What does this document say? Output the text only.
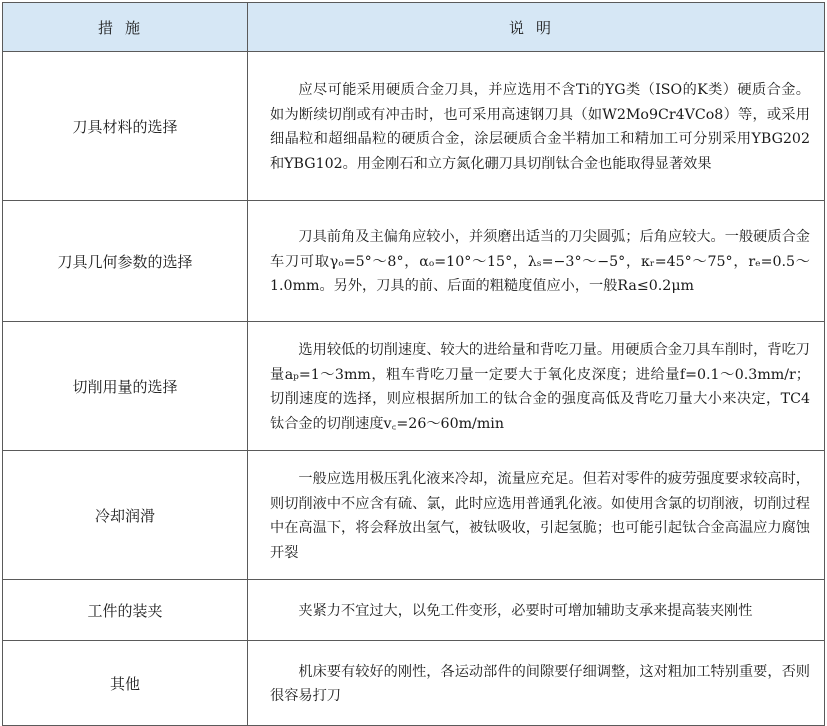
措施	说明
刀具材料的选择	应尽可能采用硬质合金刀具，并应选用不含Ti的YG类（ISO的K类）硬质合金。如为断续切削或有冲击时，也可采用高速钢刀具（如W2Mo9Cr4VCo8）等，或采用细晶粒和超细晶粒的硬质合金，涂层硬质合金半精加工和精加工可分别采用YBG202和YBG102。用金刚石和立方氮化硼刀具切削钛合金也能取得显著效果

刀具几何参数的选择	刀具前角及主偏角应较小，并须磨出适当的刀尖圆弧；后角应较大。一般硬质合金车刀可取γₒ=5°～8°，αₒ=10°～15°，λₛ=−3°～−5°，κᵣ=45°～75°，rₑ=0.5～1.0mm。另外，刀具的前、后面的粗糙度值应小，一般Ra≤0.2μm

切削用量的选择	选用较低的切削速度、较大的进给量和背吃刀量。用硬质合金刀具车削时，背吃刀量aₚ=1～3mm，粗车背吃刀量一定要大于氧化皮深度；进给量f=0.1～0.3mm/r；切削速度的选择，则应根据所加工的钛合金的强度高低及背吃刀量大小来决定，TC4钛合金的切削速度v꜀=26～60m/min

冷却润滑	一般应选用极压乳化液来冷却，流量应充足。但若对零件的疲劳强度要求较高时，则切削液中不应含有硫、氯，此时应选用普通乳化液。如使用含氯的切削液，切削过程中在高温下，将会释放出氢气，被钛吸收，引起氢脆；也可能引起钛合金高温应力腐蚀开裂

工件的装夹	夹紧力不宜过大，以免工件变形，必要时可增加辅助支承来提高装夹刚性

其他	机床要有较好的刚性，各运动部件的间隙要仔细调整，这对粗加工特别重要，否则很容易打刀
